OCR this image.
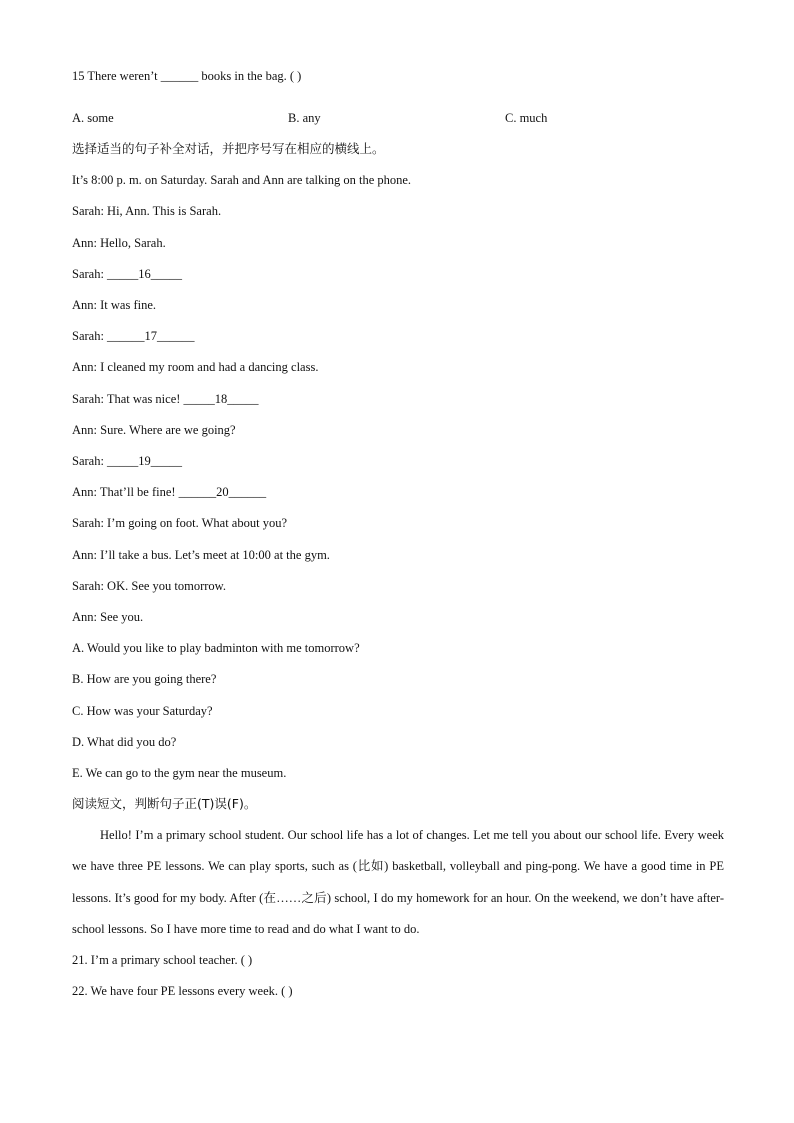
15 There weren’t ______ books in the bag. ( )
A. some	B. any	C. much
选择适当的句子补全对话，并把序号写在相应的横线上。
It’s 8:00 p. m. on Saturday. Sarah and Ann are talking on the phone.
Sarah: Hi, Ann. This is Sarah.
Ann: Hello, Sarah.
Sarah: _____16_____
Ann: It was fine.
Sarah: ______17______
Ann: I cleaned my room and had a dancing class.
Sarah: That was nice! _____18_____
Ann: Sure. Where are we going?
Sarah: _____19_____
Ann: That’ll be fine! ______20______
Sarah: I’m going on foot. What about you?
Ann: I’ll take a bus. Let’s meet at 10:00 at the gym.
Sarah: OK. See you tomorrow.
Ann: See you.
A. Would you like to play badminton with me tomorrow?
B. How are you going there?
C. How was your Saturday?
D. What did you do?
E. We can go to the gym near the museum.
阅读短文，判断句子正(T)误(F)。
Hello! I’m a primary school student. Our school life has a lot of changes. Let me tell you about our school life. Every week we have three PE lessons. We can play sports, such as (比如) basketball, volleyball and ping-pong. We have a good time in PE lessons. It’s good for my body. After (在……之后) school, I do my homework for an hour. On the weekend, we don’t have after-school lessons. So I have more time to read and do what I want to do.
21. I’m a primary school teacher. ( )
22. We have four PE lessons every week. ( )
